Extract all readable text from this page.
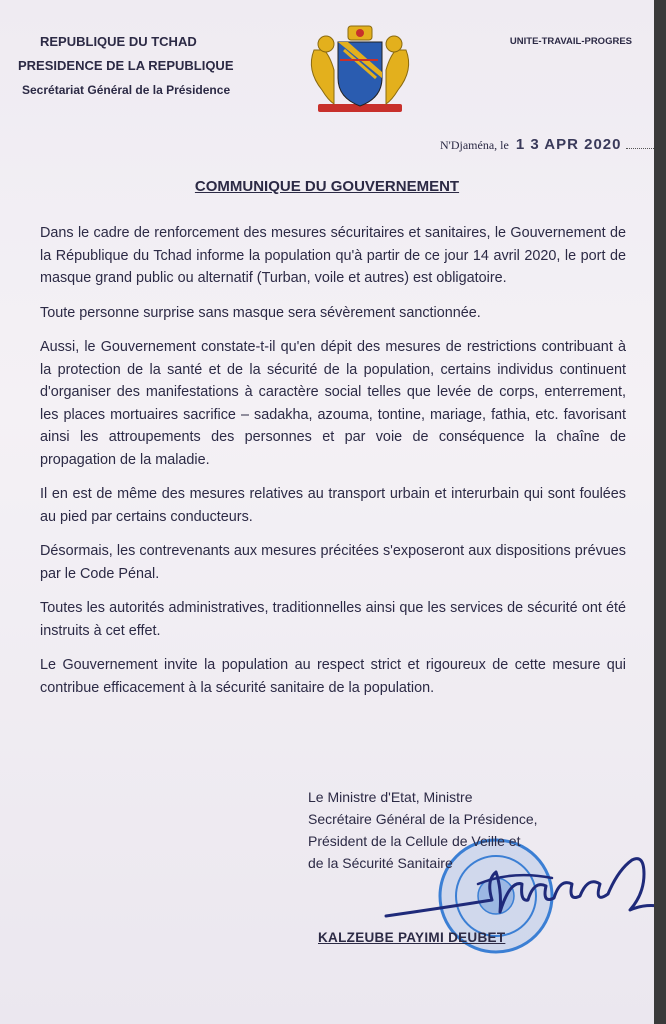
REPUBLIQUE DU TCHAD
PRESIDENCE DE LA REPUBLIQUE
Secrétariat Général de la Présidence
UNITE-TRAVAIL-PROGRES
N'Djaména, le 1 3 APR 2020
COMMUNIQUE DU GOUVERNEMENT

Dans le cadre de renforcement des mesures sécuritaires et sanitaires, le Gouvernement de la République du Tchad informe la population qu'à partir de ce jour 14 avril 2020, le port de masque grand public ou alternatif (Turban, voile et autres) est obligatoire.

Toute personne surprise sans masque sera sévèrement sanctionnée.

Aussi, le Gouvernement constate-t-il qu'en dépit des mesures de restrictions contribuant à la protection de la santé et de la sécurité de la population, certains individus continuent d'organiser des manifestations à caractère social telles que levée de corps, enterrement, les places mortuaires sacrifice – sadakha, azouma, tontine, mariage, fathia, etc. favorisant ainsi les attroupements des personnes et par voie de conséquence la chaîne de propagation de la maladie.

Il en est de même des mesures relatives au transport urbain et interurbain qui sont foulées au pied par certains conducteurs.

Désormais, les contrevenants aux mesures précitées s'exposeront aux dispositions prévues par le Code Pénal.

Toutes les autorités administratives, traditionnelles ainsi que les services de sécurité ont été instruits à cet effet.

Le Gouvernement invite la population au respect strict et rigoureux de cette mesure qui contribue efficacement à la sécurité sanitaire de la population.

Le Ministre d'Etat, Ministre
Secrétaire Général de la Présidence,
Président de la Cellule de Veille et
de la Sécurité Sanitaire
KALZEUBE PAYIMI DEUBET
